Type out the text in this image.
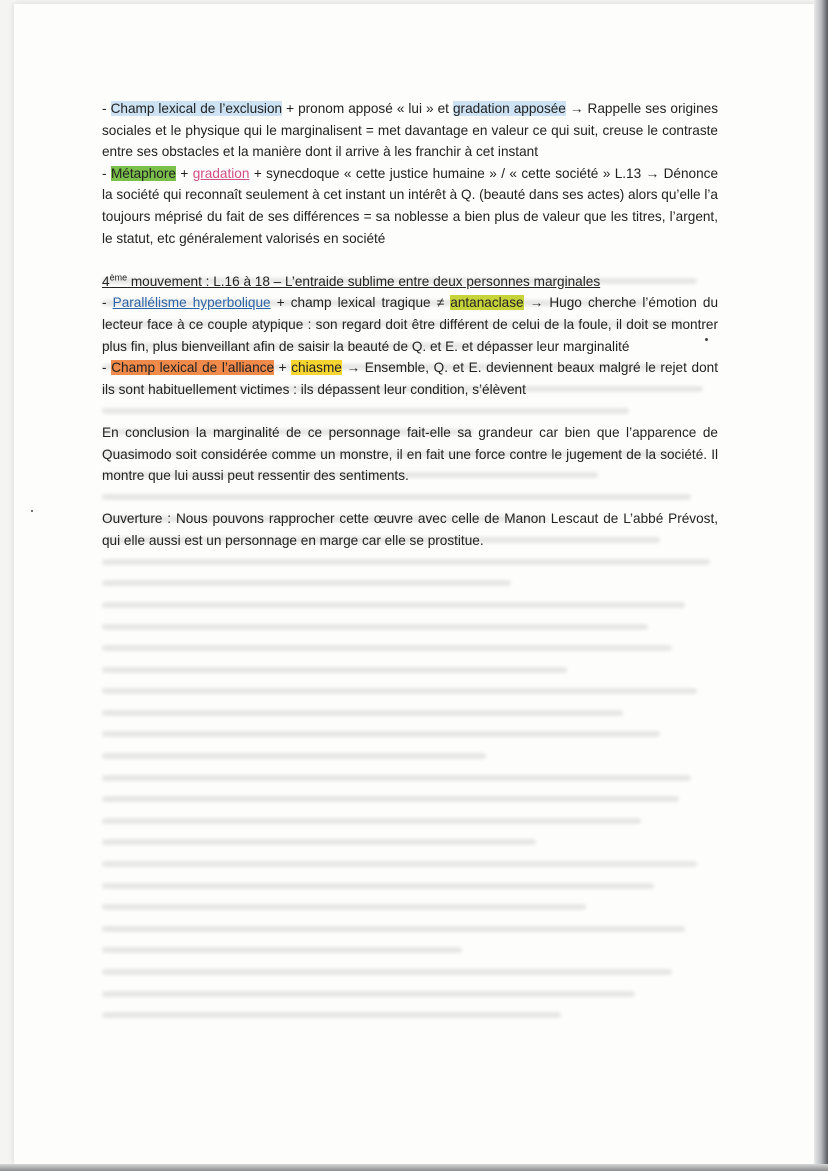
- Champ lexical de l’exclusion + pronom apposé « lui » et gradation apposée → Rappelle ses origines sociales et le physique qui le marginalisent = met davantage en valeur ce qui suit, creuse le contraste entre ses obstacles et la manière dont il arrive à les franchir à cet instant

- Métaphore + gradation + synecdoque « cette justice humaine » / « cette société » L.13 → Dénonce la société qui reconnaît seulement à cet instant un intérêt à Q. (beauté dans ses actes) alors qu’elle l’a toujours méprisé du fait de ses différences = sa noblesse a bien plus de valeur que les titres, l’argent, le statut, etc généralement valorisés en société

4ème mouvement : L.16 à 18 – L’entraide sublime entre deux personnes marginales

- Parallélisme hyperbolique + champ lexical tragique ≠ antanaclase → Hugo cherche l’émotion du lecteur face à ce couple atypique : son regard doit être différent de celui de la foule, il doit se montrer plus fin, plus bienveillant afin de saisir la beauté de Q. et E. et dépasser leur marginalité

- Champ lexical de l’alliance + chiasme → Ensemble, Q. et E. deviennent beaux malgré le rejet dont ils sont habituellement victimes : ils dépassent leur condition, s’élèvent

En conclusion la marginalité de ce personnage fait-elle sa grandeur car bien que l’apparence de Quasimodo soit considérée comme un monstre, il en fait une force contre le jugement de la société. Il montre que lui aussi peut ressentir des sentiments.

Ouverture : Nous pouvons rapprocher cette œuvre avec celle de Manon Lescaut de L’abbé Prévost, qui elle aussi est un personnage en marge car elle se prostitue.
